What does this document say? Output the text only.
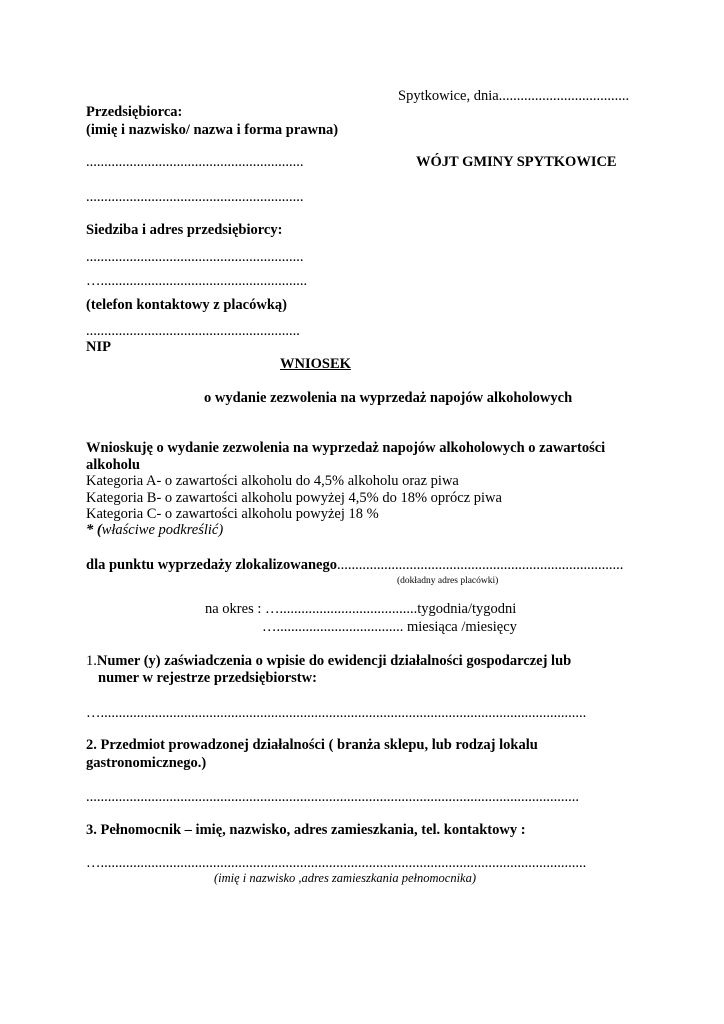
Spytkowice, dnia....................................
Przedsiębiorca:
(imię i nazwisko/ nazwa i forma prawna)
............................................................	WÓJT GMINY SPYTKOWICE
............................................................
Siedziba i adres przedsiębiorcy:
............................................................
….........................................................
(telefon kontaktowy z placówką)
...........................................................
NIP
WNIOSEK
o wydanie zezwolenia na wyprzedaż napojów alkoholowych
Wnioskuję o wydanie zezwolenia na wyprzedaż napojów alkoholowych o zawartości
alkoholu
Kategoria A- o zawartości alkoholu do 4,5% alkoholu oraz piwa
Kategoria B- o zawartości alkoholu powyżej 4,5% do 18% oprócz piwa
Kategoria C- o zawartości alkoholu powyżej 18 %
* (właściwe podkreślić)
dla punktu wyprzedaży zlokalizowanego...............................................................................
(dokładny adres placówki)
na okres : …......................................tygodnia/tygodni
…................................... miesiąca /miesięcy
1.Numer (y) zaświadczenia o wpisie do ewidencji działalności gospodarczej lub
numer w rejestrze przedsiębiorstw:
…......................................................................................................................................
2. Przedmiot prowadzonej działalności ( branża sklepu, lub rodzaj lokalu
gastronomicznego.)
........................................................................................................................................
3. Pełnomocnik – imię, nazwisko, adres zamieszkania, tel. kontaktowy :
…......................................................................................................................................
(imię i nazwisko ,adres zamieszkania pełnomocnika)
